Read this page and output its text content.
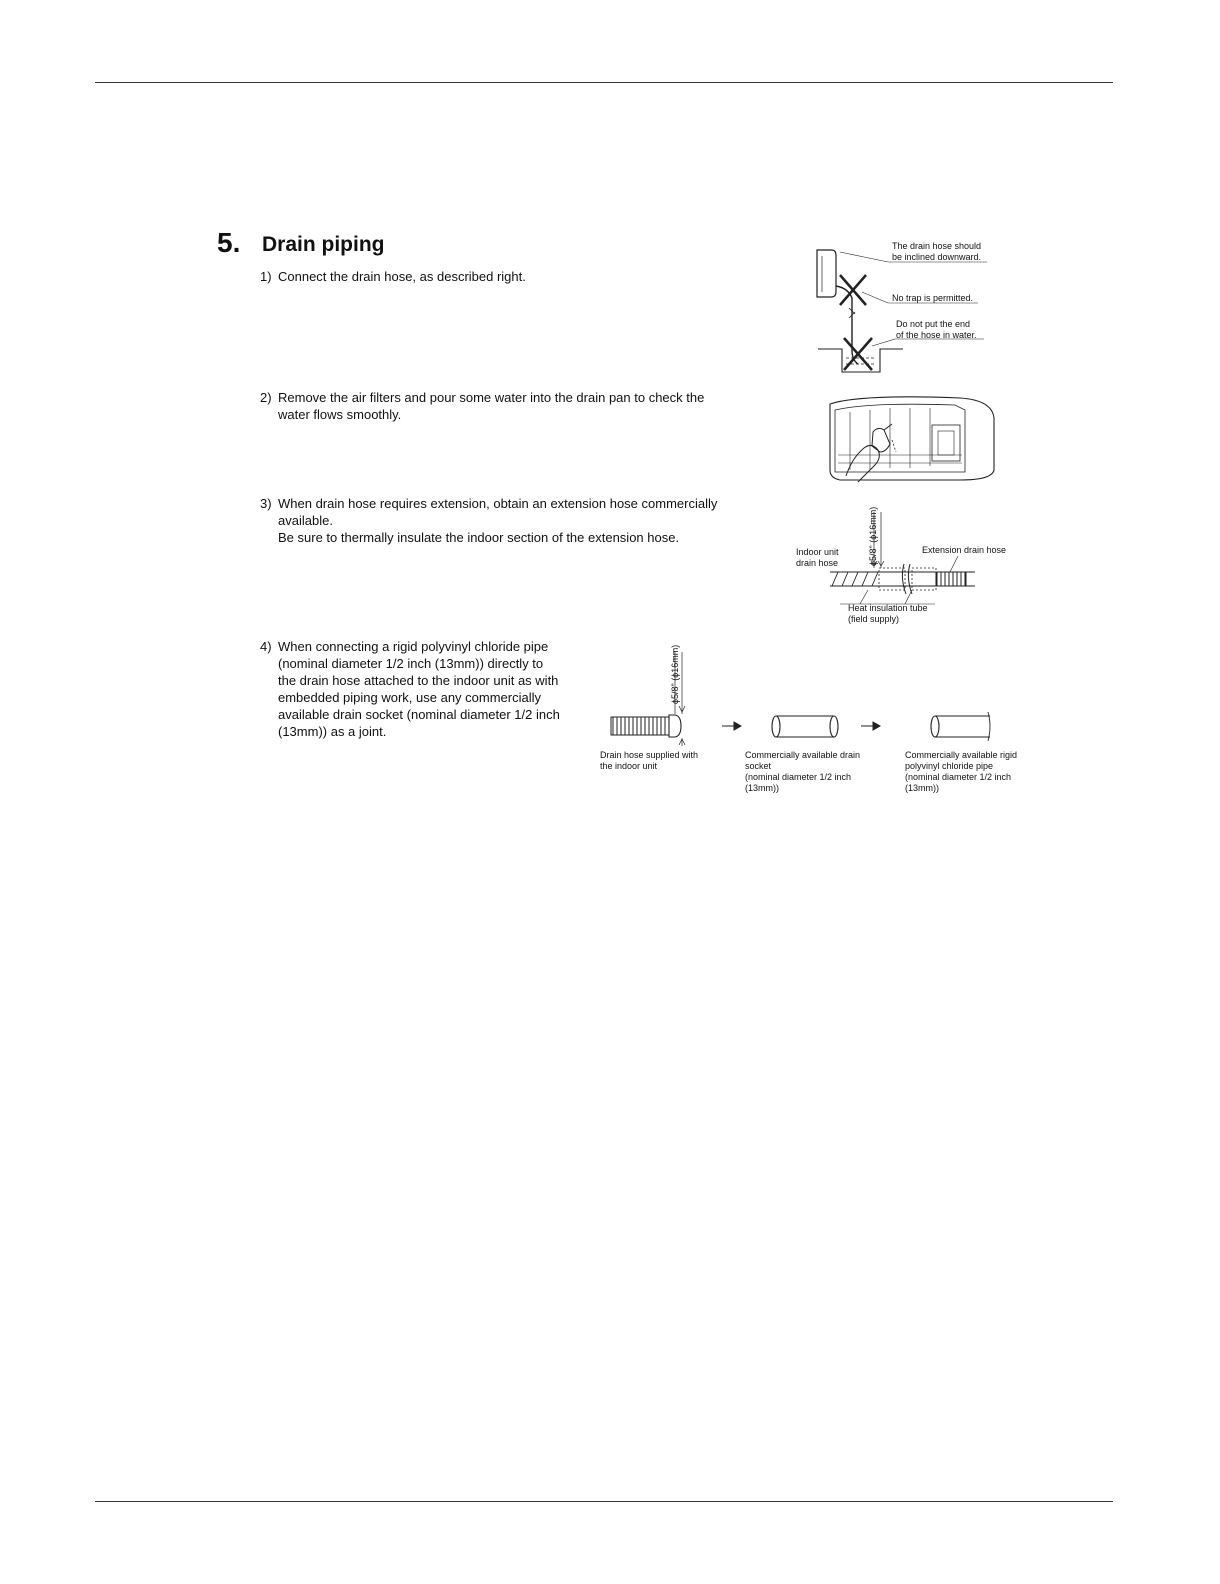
5. Drain piping
1) Connect the drain hose, as described right.
2) Remove the air filters and pour some water into the drain pan to check the
water flows smoothly.
3) When drain hose requires extension, obtain an extension hose commercially
available.
Be sure to thermally insulate the indoor section of the extension hose.
4) When connecting a rigid polyvinyl chloride pipe
(nominal diameter 1/2 inch (13mm)) directly to
the drain hose attached to the indoor unit as with
embedded piping work, use any commercially
available drain socket (nominal diameter 1/2 inch
(13mm)) as a joint.
The drain hose should
be inclined downward.
No trap is permitted.
Do not put the end
of the hose in water.
ϕ5/8" (ϕ16mm)
Indoor unit
drain hose
Extension drain hose
Heat insulation tube
(field supply)
ϕ5/8" (ϕ16mm)
Drain hose supplied with
the indoor unit
Commercially available drain
socket
(nominal diameter 1/2 inch
(13mm))
Commercially available rigid
polyvinyl chloride pipe
(nominal diameter 1/2 inch
(13mm))
